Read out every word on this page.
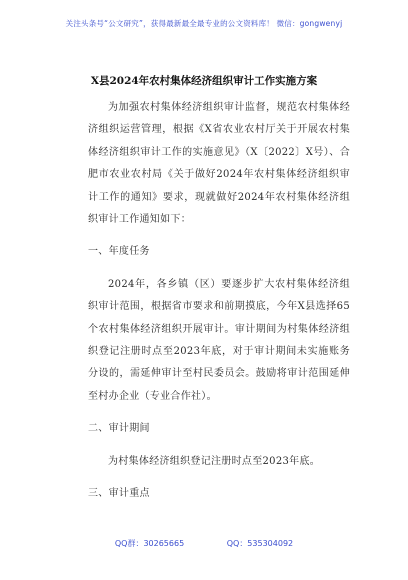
关注头条号“公文研究”，获得最新最全最专业的公文资料库！ 微信：gongwenyj
X县2024年农村集体经济组织审计工作实施方案

为加强农村集体经济组织审计监督，规范农村集体经济组织运营管理，根据《X省农业农村厅关于开展农村集体经济组织审计工作的实施意见》（X〔2022〕X号）、合肥市农业农村局《关于做好2024年农村集体经济组织审计工作的通知》要求，现就做好2024年农村集体经济组织审计工作通知如下：

一、年度任务

2024年，各乡镇（区）要逐步扩大农村集体经济组织审计范围，根据省市要求和前期摸底，今年X县选择65个农村集体经济组织开展审计。审计期间为村集体经济组织登记注册时点至2023年底，对于审计期间未实施账务分设的，需延伸审计至村民委员会。鼓励将审计范围延伸至村办企业（专业合作社）。

二、审计期间

为村集体经济组织登记注册时点至2023年底。

三、审计重点

QQ群：30265665	QQ：535304092
